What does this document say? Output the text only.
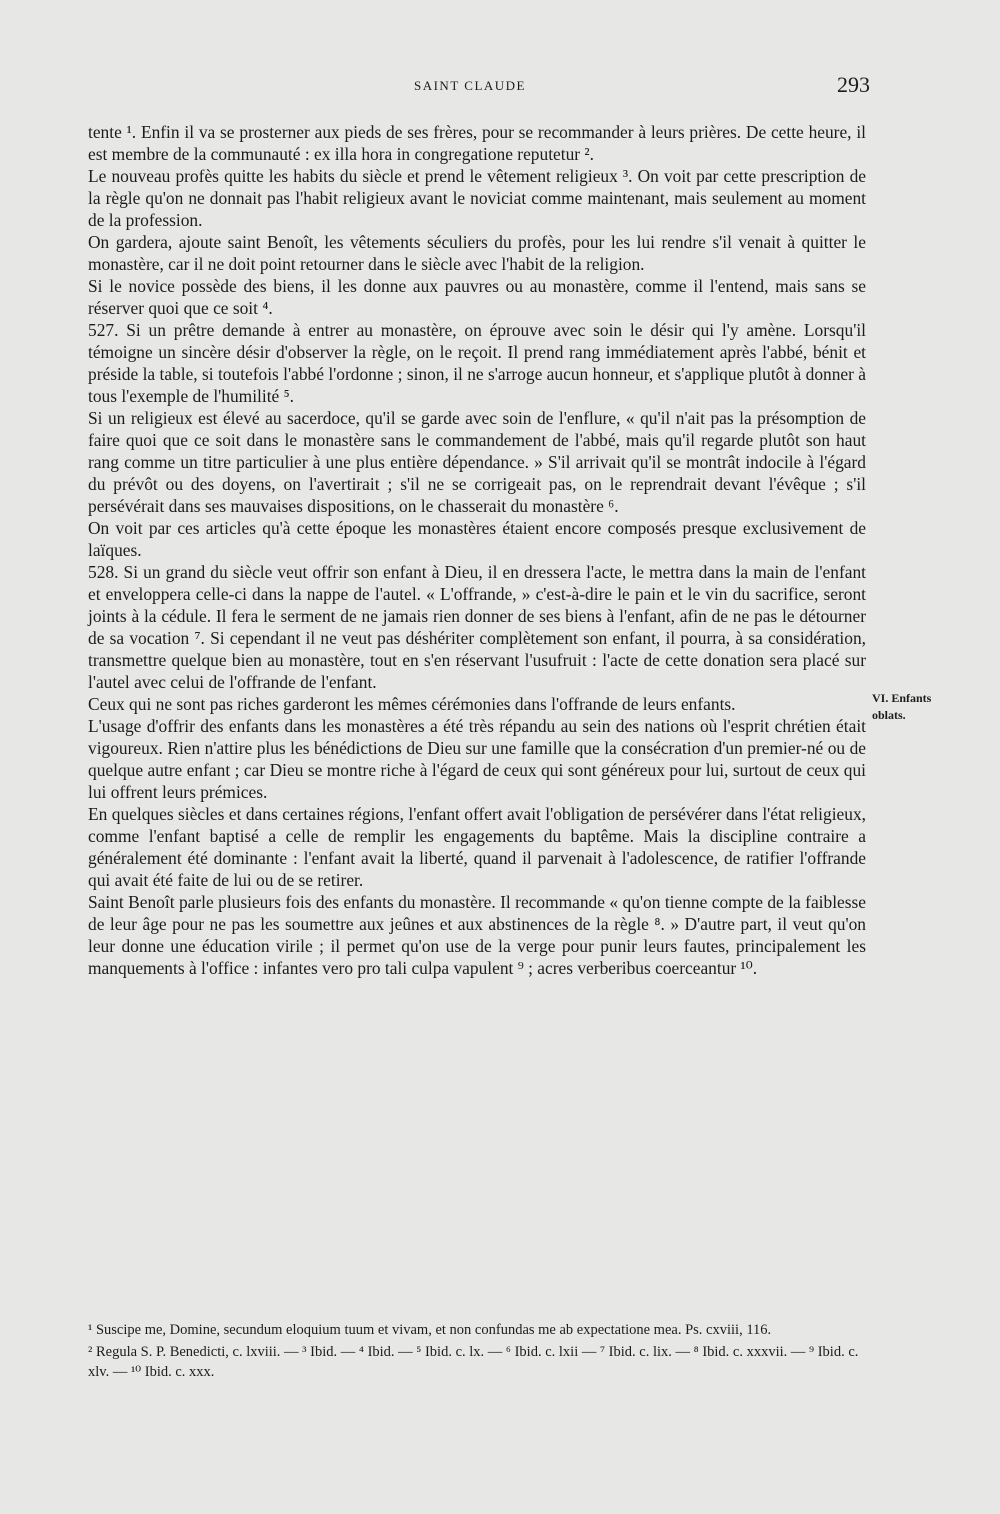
SAINT CLAUDE	293

tente ¹. Enfin il va se prosterner aux pieds de ses frères, pour se recommander à leurs prières. De cette heure, il est membre de la communauté : ex illa hora in congregatione reputetur ².

Le nouveau profès quitte les habits du siècle et prend le vêtement religieux ³. On voit par cette prescription de la règle qu'on ne donnait pas l'habit religieux avant le noviciat comme maintenant, mais seulement au moment de la profession.

On gardera, ajoute saint Benoît, les vêtements séculiers du profès, pour les lui rendre s'il venait à quitter le monastère, car il ne doit point retourner dans le siècle avec l'habit de la religion.

Si le novice possède des biens, il les donne aux pauvres ou au monastère, comme il l'entend, mais sans se réserver quoi que ce soit ⁴.

527. Si un prêtre demande à entrer au monastère, on éprouve avec soin le désir qui l'y amène. Lorsqu'il témoigne un sincère désir d'observer la règle, on le reçoit. Il prend rang immédiatement après l'abbé, bénit et préside la table, si toutefois l'abbé l'ordonne ; sinon, il ne s'arroge aucun honneur, et s'applique plutôt à donner à tous l'exemple de l'humilité ⁵.

Si un religieux est élevé au sacerdoce, qu'il se garde avec soin de l'enflure, « qu'il n'ait pas la présomption de faire quoi que ce soit dans le monastère sans le commandement de l'abbé, mais qu'il regarde plutôt son haut rang comme un titre particulier à une plus entière dépendance. » S'il arrivait qu'il se montrât indocile à l'égard du prévôt ou des doyens, on l'avertirait ; s'il ne se corrigeait pas, on le reprendrait devant l'évêque ; s'il persévérait dans ses mauvaises dispositions, on le chasserait du monastère ⁶.

On voit par ces articles qu'à cette époque les monastères étaient encore composés presque exclusivement de laïques.

528. Si un grand du siècle veut offrir son enfant à Dieu, il en dressera l'acte, le mettra dans la main de l'enfant et enveloppera celle-ci dans la nappe de l'autel. « L'offrande, » c'est-à-dire le pain et le vin du sacrifice, seront joints à la cédule. Il fera le serment de ne jamais rien donner de ses biens à l'enfant, afin de ne pas le détourner de sa vocation ⁷. Si cependant il ne veut pas déshériter complètement son enfant, il pourra, à sa considération, transmettre quelque bien au monastère, tout en s'en réservant l'usufruit : l'acte de cette donation sera placé sur l'autel avec celui de l'offrande de l'enfant.

Ceux qui ne sont pas riches garderont les mêmes cérémonies dans l'offrande de leurs enfants.

L'usage d'offrir des enfants dans les monastères a été très répandu au sein des nations où l'esprit chrétien était vigoureux. Rien n'attire plus les bénédictions de Dieu sur une famille que la consécration d'un premier-né ou de quelque autre enfant ; car Dieu se montre riche à l'égard de ceux qui sont généreux pour lui, surtout de ceux qui lui offrent leurs prémices.

En quelques siècles et dans certaines régions, l'enfant offert avait l'obligation de persévérer dans l'état religieux, comme l'enfant baptisé a celle de remplir les engagements du baptême. Mais la discipline contraire a généralement été dominante : l'enfant avait la liberté, quand il parvenait à l'adolescence, de ratifier l'offrande qui avait été faite de lui ou de se retirer.

Saint Benoît parle plusieurs fois des enfants du monastère. Il recommande « qu'on tienne compte de la faiblesse de leur âge pour ne pas les soumettre aux jeûnes et aux abstinences de la règle ⁸. » D'autre part, il veut qu'on leur donne une éducation virile ; il permet qu'on use de la verge pour punir leurs fautes, principalement les manquements à l'office : infantes vero pro tali culpa vapulent ⁹ ; acres verberibus coerceantur ¹⁰.

VI. Enfants oblats.

¹ Suscipe me, Domine, secundum eloquium tuum et vivam, et non confundas me ab expectatione mea. Ps. cxviii, 116.

² Regula S. P. Benedicti, c. lxviii. — ³ Ibid. — ⁴ Ibid. — ⁵ Ibid. c. lx. — ⁶ Ibid. c. lxii — ⁷ Ibid. c. lix. — ⁸ Ibid. c. xxxvii. — ⁹ Ibid. c. xlv. — ¹⁰ Ibid. c. xxx.
